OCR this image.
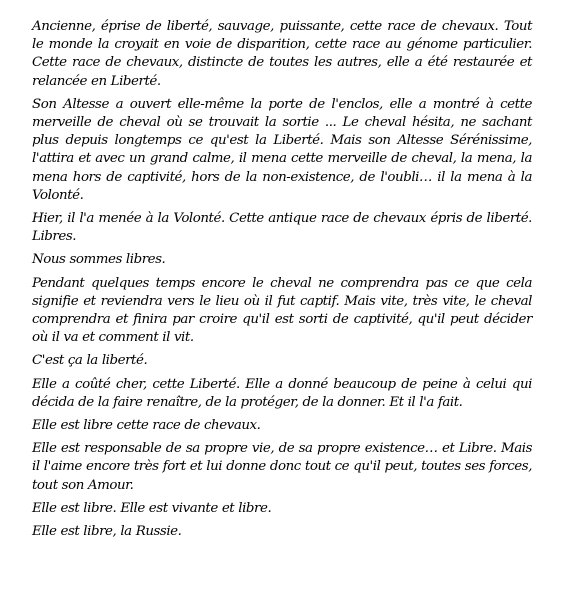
Ancienne, éprise de liberté, sauvage, puissante, cette race de chevaux. Tout le monde la croyait en voie de disparition, cette race au génome particulier. Cette race de chevaux, distincte de toutes les autres, elle a été restaurée et relancée en Liberté.

Son Altesse a ouvert elle-même la porte de l'enclos, elle a montré à cette merveille de cheval où se trouvait la sortie ... Le cheval hésita, ne sachant plus depuis longtemps ce qu'est la Liberté. Mais son Altesse Sérénissime, l'attira et avec un grand calme, il mena cette merveille de cheval, la mena, la mena hors de captivité, hors de la non-existence, de l'oubli… il la mena à la Volonté.

Hier, il l'a menée à la Volonté. Cette antique race de chevaux épris de liberté. Libres.

Nous sommes libres.

Pendant quelques temps encore le cheval ne comprendra pas ce que cela signifie et reviendra vers le lieu où il fut captif. Mais vite, très vite, le cheval comprendra et finira par croire qu'il est sorti de captivité, qu'il peut décider où il va et comment il vit.

C'est ça la liberté.

Elle a coûté cher, cette Liberté. Elle a donné beaucoup de peine à celui qui décida de la faire renaître, de la protéger, de la donner. Et il l'a fait.

Elle est libre cette race de chevaux.

Elle est responsable de sa propre vie, de sa propre existence… et Libre. Mais il l'aime encore très fort et lui donne donc tout ce qu'il peut, toutes ses forces, tout son Amour.

Elle est libre. Elle est vivante et libre.

Elle est libre, la Russie.
